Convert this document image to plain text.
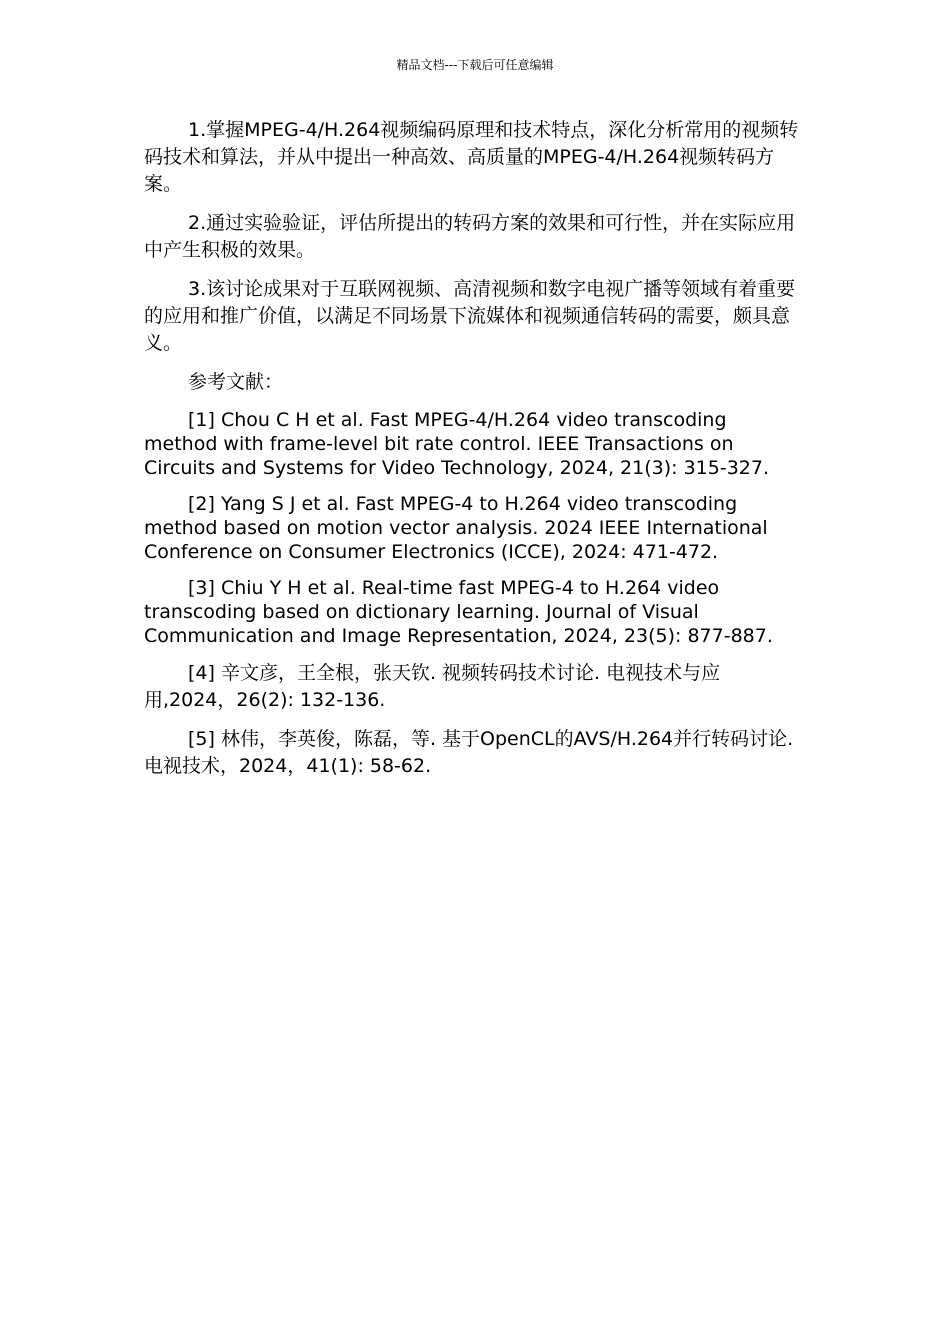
精品文档---下载后可任意编辑

1.掌握MPEG-4/H.264视频编码原理和技术特点，深化分析常用的视频转码技术和算法，并从中提出一种高效、高质量的MPEG-4/H.264视频转码方案。

2.通过实验验证，评估所提出的转码方案的效果和可行性，并在实际应用中产生积极的效果。

3.该讨论成果对于互联网视频、高清视频和数字电视广播等领域有着重要的应用和推广价值，以满足不同场景下流媒体和视频通信转码的需要，颇具意义。

参考文献：

[1] Chou C H et al. Fast MPEG-4/H.264 video transcoding method with frame-level bit rate control. IEEE Transactions on Circuits and Systems for Video Technology, 2024, 21(3): 315-327.

[2] Yang S J et al. Fast MPEG-4 to H.264 video transcoding method based on motion vector analysis. 2024 IEEE International Conference on Consumer Electronics (ICCE), 2024: 471-472.

[3] Chiu Y H et al. Real-time fast MPEG-4 to H.264 video transcoding based on dictionary learning. Journal of Visual Communication and Image Representation, 2024, 23(5): 877-887.

[4] 辛文彦，王全根，张天钦. 视频转码技术讨论. 电视技术与应用,2024，26(2): 132-136.

[5] 林伟，李英俊，陈磊，等. 基于OpenCL的AVS/H.264并行转码讨论. 电视技术，2024，41(1): 58-62.
